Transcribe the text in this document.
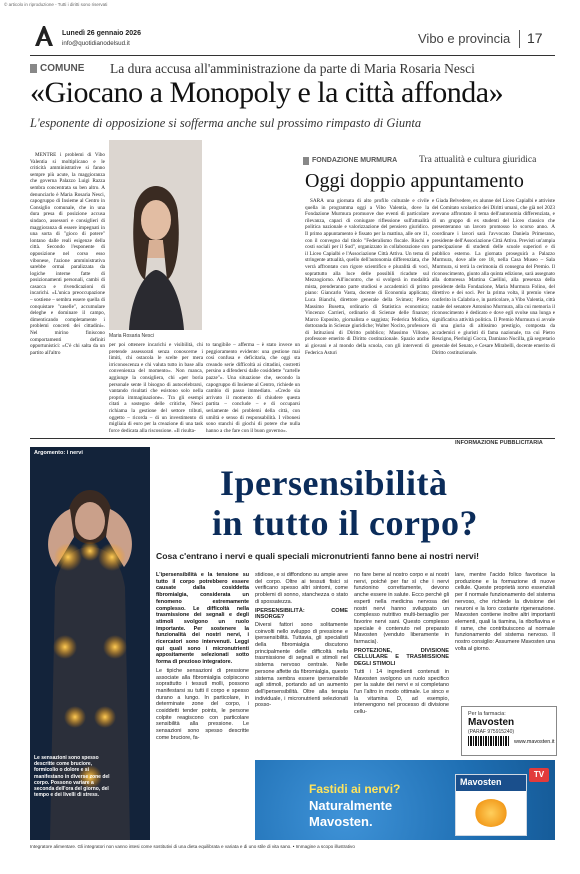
© articolo in riproduzione - Tutti i diritti sono riservati
Lunedì 26 gennaio 2026
info@quotidianodelsud.it	Vibo e provincia 17
COMUNE La dura accusa all'amministrazione da parte di Maria Rosaria Nesci
«Giocano a Monopoly e la città affonda»
L'esponente di opposizione si sofferma anche sul prossimo rimpasto di Giunta

MENTRE i problemi di Vibo Valentia si moltiplicano e le criticità amministrative si fanno sempre più acute, la maggioranza che governa Palazzo Luigi Razza sembra concentrata su ben altro. A denunciarlo è Maria Rosaria Nesci, capogruppo di Insieme al Centro in Consiglio comunale, che in una dura presa di posizione accusa sindaco, assessori e consiglieri di maggioranza di essere impegnati in una sorta di "gioco di potere" lontano dalle reali esigenze della città. Secondo l'esponente di opposizione nel corso esso vibonese, l'azione amministrativa sarebbe ormai paralizzata da logiche interne fatte di posizionamenti personali, cambi di casacca e rivendicazioni di incarichi. «L'unica preoccupazione – sostiene – sembra essere quella di conquistare "caselle", accumulare deleghe e dominare il campo, dimenticando completamente i problemi concreti dei cittadini». Nel mirino finiscono comportamenti definiti opportunistici: «C'è chi salta da un partito all'altro

Maria Rosaria Nesci

per poi ottenere incarichi e visibilità, chi pretende assessorati senza conoscerne i limiti, chi ostacola le scelte per mera irriconoscenza e chi valuta tutto in base alla convenienza del momento». Non manca, aggiunge la consigliera, chi «per boria personale sente il bisogno di autocelebrarsi, vantando risultati che esistono solo nella propria immaginazione». Tra gli esempi citati a sostegno delle critiche, Nesci richiama la gestione del settore tributi, oggetto – ricorda – di un investimento di migliaia di euro per la creazione di una task force dedicata alla riscossione. «Il risulta-

to tangibile – afferma – è stato invece un peggioramento evidente: una gestione mai così confusa e deficitaria, che oggi sta creando serie difficoltà ai cittadini, costretti persino a difendersi dalle cosiddette "cartelle pazze"». Una situazione che, secondo la capogruppo di Insieme al Centro, richiede un cambio di passo immediato. «Credo sia arrivato il momento di chiudere questa partita – conclude – e di occuparsi seriamente dei problemi della città, con umiltà e senso di responsabilità. I vibonesi sono stanchi di giochi di potere che nulla hanno a che fare con il buon governo».

FONDAZIONE MURMURA Tra attualità e cultura giuridica
Oggi doppio appuntamento

SARÀ una giornata di alto profilo culturale e civile quella in programma oggi a Vibo Valentia, dove la Fondazione Murmura promuove due eventi di particolare rilevanza, capaci di coniugare riflessione sull'attualità politica nazionale e valorizzazione del pensiero giuridico. Il primo appuntamento è fissato per la mattina, alle ore 11, con il convegno dal titolo "Federalismo fiscale. Rischi e costi sociali per il Sud", organizzato in collaborazione con il Liceo Capialbi e l'Associazione Città Attiva. Un tema di stringente attualità, quello dell'autonomia differenziata, che verrà affrontato con rigore scientifico e pluralità di voci, soprattutto alla luce delle possibili ricadute sul Mezzogiorno. All'incontro, che si svolgerà in modalità mista, prenderanno parte studiosi e accademici di primo piano: Giancarlo Vasta, docente di Economia applicata; Luca Bianchi, direttore generale della Svimez; Pietro Massimo Busetta, ordinario di Statistica economica; Vincenzo Carrieri, ordinario di Scienze delle finanze; Marco Esposito, giornalista e saggista; Federica Mollica, dottoranda in Scienze giuridiche; Walter Nocito, professore di Istituzioni di Diritto pubblico; Massimo Villone, professore emerito di Diritto costituzionale. Spazio anche ai giovani e al mondo della scuola, con gli interventi di Federica Asturi

e Giada Belvedere, ex alunne del Liceo Capialbi e attiviste del Comitato scolastico dei Diritti umani, che già nel 2023 avevano affrontato il tema dell'autonomia differenziata, e di un gruppo di ex studenti del Liceo classico che presenteranno un lavoro promosso lo scorso anno. A coordinare i lavori sarà l'avvocato Daniela Primerano, presidente dell'Associazione Città Attiva. Previsti un'ampia partecipazione di studenti delle scuole superiori e di pubblico esterno. La giornata proseguirà a Palazzo Murmura, dove alle ore 18, nella Casa Museo – Sala Murmura, si terrà la cerimonia di consegna del Premio. Il riconoscimento, giunto alla quinta edizione, sarà assegnato alla dottoressa Martina Caellini, alla presenza della presidente della Fondazione, Maria Murmura Folino, del direttivo e dei soci. Per la prima volta, il premio viene conferito in Calabria e, in particolare, a Vibo Valentia, città natale del senatore Antonino Murmura, alla cui memoria il riconoscimento è dedicato e dove egli svolse una lunga e significativa attività politica. Il Premio Murmura si avvale di una giuria di altissimo prestigio, composta da accademici e giuristi di fama nazionale, tra cui Pietro Rescigno, Pierluigi Cocca, Damiano Nocilla, già segretario generale del Senato, e Cesare Mirabelli, docente emerito di Diritto costituzionale.

INFORMAZIONE PUBBLICITARIA
Argomento: i nervi
Le sensazioni sono spesso descritte come bruciore, formicolio o dolore e si manifestano in diverse zone del corpo. Possono variare a seconda dell'ora del giorno, del tempo e dei livelli di stress.
Ipersensibilità
in tutto il corpo?
Cosa c'entrano i nervi e quali speciali micronutrienti fanno bene ai nostri nervi!

L'ipersensibilità e la tensione su tutto il corpo potrebbero essere causate dalla cosiddetta fibromialgia, considerata un fenomeno estremamente complesso. Le difficoltà nella trasmissione dei segnali e degli stimoli svolgono un ruolo importante. Per sostenere la funzionalità dei nostri nervi, i ricercatori sono intervenuti. Leggi qui quali sono i micronutrienti appositamente selezionati sotto forma di prezioso integratore.

Le tipiche sensazioni di pressione associate alla fibromialgia colpiscono soprattutto i tessuti molli, possono manifestarsi su tutti il corpo e spesso durano a lungo. In particolare, in determinate zone del corpo, i cosiddetti tender points, le persone colpite reagiscono con particolare sensibilità alla pressione. Le sensazioni sono spesso descritte come bruciore, fa-

stidiose, e si diffondono su ampie aree del corpo. Oltre ai tessuti fisici si verificano spesso altri sintomi, come problemi di sonno, stanchezza o stato di spossatezza.

IPERSENSIBILITÀ: COME INSORGE?

Diversi fattori sono solitamente coinvolti nello sviluppo di pressione e ipersensibilità. Tuttavia, gli specialisti della fibromialgia discutono principalmente delle difficoltà nella trasmissione di segnali e stimoli nel sistema nervoso centrale. Nelle persone affette da fibromialgia, questo sistema sembra essere ipersensibile agli stimoli, portando ad un aumento dell'ipersensibilità. Oltre alla terapia individuale, i micronutrienti selezionati posso-

no fare bene al nostro corpo e ai nostri nervi, poiché per far sì che i nervi funzionino correttamente, devono anche essere in salute. Ecco perché gli esperti nella medicina nervosa dei nostri nervi hanno sviluppato un complesso nutritivo multi-bersaglio per favorire nervi sani. Questo complesso speciale è contenuto nel preparato Mavosten (venduto liberamente in farmacia).

PROTEZIONE, DIVISIONE CELLULARE E TRASMISSIONE DEGLI STIMOLI

Tutti i 14 ingredienti contenuti in Mavosten svolgono un ruolo specifico per la salute dei nervi e si completano l'un l'altro in modo ottimale. Le sinco e la vitamina D, ad esempio, intervengono nel processo di divisione cellu-

lare, mentre l'acido folico favorisce la produzione e la formazione di nuove cellule. Queste proprietà sono essenziali per il normale funzionamento del sistema nervoso, che richiede la divisione dei neuroni e la loro costante rigenerazione. Mavosten contiene inoltre altri importanti elementi, quali la tiamina, la riboflavina e il rame, che contribuiscono al normale funzionamento del sistema nervoso. Il nostro consiglio: Assumere Mavosten una volta al giorno.

Per la farmacia:
Mavosten
(PARAF 975915240)
www.mavosten.it
Fastidi ai nervi?
Naturalmente
Mavosten.
Mavosten
TV
Integratore alimentare. Gli integratori non vanno intesi come sostitutivi di una dieta equilibrata e variata e di uno stile di vita sano. • Immagine a scopo illustrativo
